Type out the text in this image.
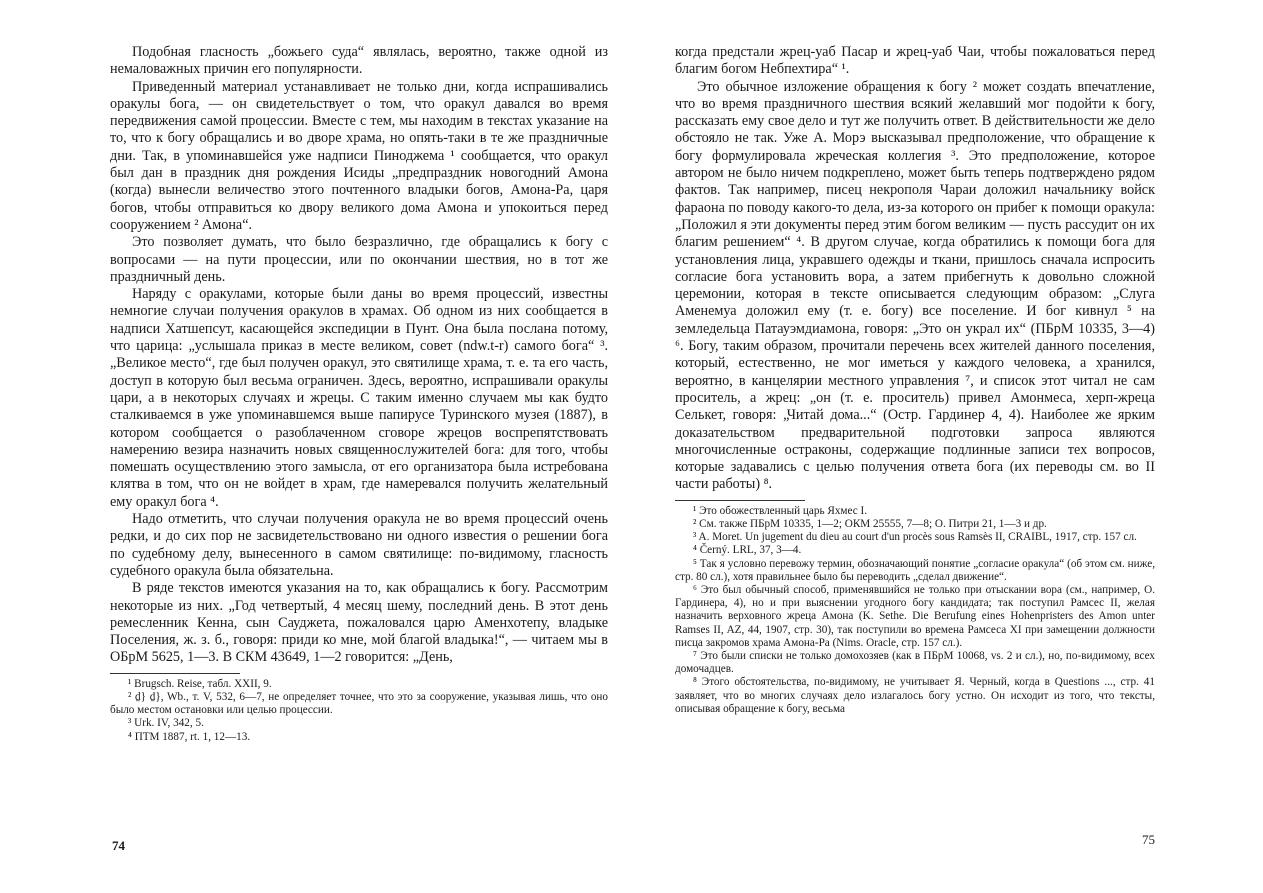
Подобная гласность „божьего суда“ являлась, вероятно, также одной из немаловажных причин его популярности.

Приведенный материал устанавливает не только дни, когда испрашивались оракулы бога, — он свидетельствует о том, что оракул давался во время передвижения самой процессии. Вместе с тем, мы находим в текстах указание на то, что к богу обращались и во дворе храма, но опять-таки в те же праздничные дни. Так, в упоминавшейся уже надписи Пиноджема ¹ сообщается, что оракул был дан в праздник дня рождения Исиды „предпраздник новогодний Амона (когда) вынесли величество этого почтенного владыки богов, Амона-Ра, царя богов, чтобы отправиться ко двору великого дома Амона и упокоиться перед сооружением ² Амона“.

Это позволяет думать, что было безразлично, где обращались к богу с вопросами — на пути процессии, или по окончании шествия, но в тот же праздничный день.

Наряду с оракулами, которые были даны во время процессий, известны немногие случаи получения оракулов в храмах. Об одном из них сообщается в надписи Хатшепсут, касающейся экспедиции в Пунт. Она была послана потому, что царица: „услышала приказ в месте великом, совет (ndw.t-r) самого бога“ ³. „Великое место“, где был получен оракул, это святилище храма, т. е. та его часть, доступ в которую был весьма ограничен. Здесь, вероятно, испрашивали оракулы цари, а в некоторых случаях и жрецы. С таким именно случаем мы как будто сталкиваемся в уже упоминавшемся выше папирусе Туринского музея (1887), в котором сообщается о разоблаченном сговоре жрецов воспрепятствовать намерению везира назначить новых священнослужителей бога: для того, чтобы помешать осуществлению этого замысла, от его организатора была истребована клятва в том, что он не войдет в храм, где намеревался получить желательный ему оракул бога ⁴.

Надо отметить, что случаи получения оракула не во время процессий очень редки, и до сих пор не засвидетельствовано ни одного известия о решении бога по судебному делу, вынесенного в самом святилище: по-видимому, гласность судебного оракула была обязательна.

В ряде текстов имеются указания на то, как обращались к богу. Рассмотрим некоторые из них. „Год четвертый, 4 месяц шему, последний день. В этот день ремесленник Кенна, сын Сауджета, пожаловался царю Аменхотепу, владыке Поселения, ж. з. б., говоря: приди ко мне, мой благой владыка!“, — читаем мы в ОБрМ 5625, 1—3. В СКМ 43649, 1—2 говорится: „День,

¹ Brugsch. Reise, табл. XXII, 9.

² ḏ} ḏ}, Wb., т. V, 532, 6—7, не определяет точнее, что это за сооружение, указывая лишь, что оно было местом остановки или целью процессии.

³ Urk. IV, 342, 5.

⁴ ПТМ 1887, rt. 1, 12—13.

74

когда предстали жрец-уаб Пасар и жрец-уаб Чаи, чтобы пожаловаться перед благим богом Небпехтира“ ¹.

Это обычное изложение обращения к богу ² может создать впечатление, что во время праздничного шествия всякий желавший мог подойти к богу, рассказать ему свое дело и тут же получить ответ. В действительности же дело обстояло не так. Уже А. Морэ высказывал предположение, что обращение к богу формулировала жреческая коллегия ³. Это предположение, которое автором не было ничем подкреплено, может быть теперь подтверждено рядом фактов. Так например, писец некрополя Чараи доложил начальнику войск фараона по поводу какого-то дела, из-за которого он прибег к помощи оракула: „Положил я эти документы перед этим богом великим — пусть рассудит он их благим решением“ ⁴. В другом случае, когда обратились к помощи бога для установления лица, укравшего одежды и ткани, пришлось сначала испросить согласие бога установить вора, а затем прибегнуть к довольно сложной церемонии, которая в тексте описывается следующим образом: „Слуга Аменемуа доложил ему (т. е. богу) все поселение. И бог кивнул ⁵ на земледельца Патауэмдиамона, говоря: „Это он украл их“ (ПБрМ 10335, 3—4) ⁶. Богу, таким образом, прочитали перечень всех жителей данного поселения, который, естественно, не мог иметься у каждого человека, а хранился, вероятно, в канцелярии местного управления ⁷, и список этот читал не сам проситель, а жрец: „он (т. е. проситель) привел Амонмеса, херп-жреца Селькет, говоря: „Читай дома...“ (Остр. Гардинер 4, 4). Наиболее же ярким доказательством предварительной подготовки запроса являются многочисленные остраконы, содержащие подлинные записи тех вопросов, которые задавались с целью получения ответа бога (их переводы см. во II части работы) ⁸.

¹ Это обожествленный царь Яхмес I.

² См. также ПБрМ 10335, 1—2; ОКМ 25555, 7—8; О. Питри 21, 1—3 и др.

³ A. Moret. Un jugement du dieu au court d'un procès sous Ramsès II, CRAIBL, 1917, стр. 157 сл.

⁴ Černý. LRL, 37, 3—4.

⁵ Так я условно перевожу термин, обозначающий понятие „согласие оракула“ (об этом см. ниже, стр. 80 сл.), хотя правильнее было бы переводить „сделал движение“.

⁶ Это был обычный способ, применявшийся не только при отыскании вора (см., например, О. Гардинера, 4), но и при выяснении угодного богу кандидата; так поступил Рамсес II, желая назначить верховного жреца Амона (K. Sethe. Die Berufung eines Hohenpristers des Amon unter Ramses II, AZ, 44, 1907, стр. 30), так поступили во времена Рамсеса XI при замещении должности писца закромов храма Амона-Ра (Nims. Oracle, стр. 157 сл.).

⁷ Это были списки не только домохозяев (как в ПБрМ 10068, vs. 2 и сл.), но, по-видимому, всех домочадцев.

⁸ Этого обстоятельства, по-видимому, не учитывает Я. Черный, когда в Questions ..., стр. 41 заявляет, что во многих случаях дело излагалось богу устно. Он исходит из того, что тексты, описывая обращение к богу, весьма

75
